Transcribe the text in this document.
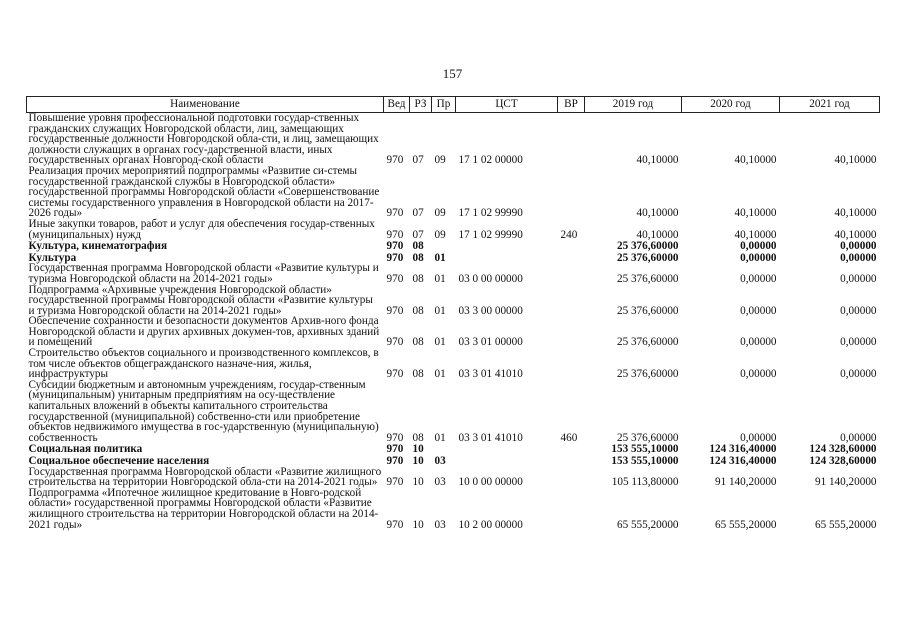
157
Наименование	Вед	РЗ	Пр	ЦСТ	ВР	2019 год	2020 год	2021 год
Повышение уровня профессиональной подготовки государ-ственных гражданских служащих Новгородской области, лиц, замещающих государственные должности Новгородской обла-сти, и лиц, замещающих должности служащих в органах госу-дарственной власти, иных государственных органах Новгород-ской области	970	07	09	17 1 02 00000		40,10000	40,10000	40,10000
Реализация прочих мероприятий подпрограммы «Развитие си-стемы государственной гражданской службы в Новгородской области» государственной программы Новгородской области «Совершенствование системы государственного управления в Новгородской области на 2017-2026 годы»	970	07	09	17 1 02 99990		40,10000	40,10000	40,10000
Иные закупки товаров, работ и услуг для обеспечения государ-ственных (муниципальных) нужд	970	07	09	17 1 02 99990	240	40,10000	40,10000	40,10000
Культура, кинематография	970	08				25 376,60000	0,00000	0,00000
Культура	970	08	01			25 376,60000	0,00000	0,00000
Государственная программа Новгородской области «Развитие культуры и туризма Новгородской области на 2014-2021 годы»	970	08	01	03 0 00 00000		25 376,60000	0,00000	0,00000
Подпрограмма «Архивные учреждения Новгородской области» государственной программы Новгородской области «Развитие культуры и туризма Новгородской области на 2014-2021 годы»	970	08	01	03 3 00 00000		25 376,60000	0,00000	0,00000
Обеспечение сохранности и безопасности документов Архив-ного фонда Новгородской области и других архивных докумен-тов, архивных зданий и помещений	970	08	01	03 3 01 00000		25 376,60000	0,00000	0,00000
Строительство объектов социального и производственного комплексов, в том числе объектов общегражданского назначе-ния, жилья, инфраструктуры	970	08	01	03 3 01 41010		25 376,60000	0,00000	0,00000
Субсидии бюджетным и автономным учреждениям, государ-ственным (муниципальным) унитарным предприятиям на осу-ществление капитальных вложений в объекты капитального строительства государственной (муниципальной) собственно-сти или приобретение объектов недвижимого имущества в гос-ударственную (муниципальную) собственность	970	08	01	03 3 01 41010	460	25 376,60000	0,00000	0,00000
Социальная политика	970	10				153 555,10000	124 316,40000	124 328,60000
Социальное обеспечение населения	970	10	03			153 555,10000	124 316,40000	124 328,60000
Государственная программа Новгородской области «Развитие жилищного строительства на территории Новгородской обла-сти на 2014-2021 годы»	970	10	03	10 0 00 00000		105 113,80000	91 140,20000	91 140,20000
Подпрограмма «Ипотечное жилищное кредитование в Новго-родской области» государственной программы Новгородской области «Развитие жилищного строительства на территории Новгородской области на 2014-2021 годы»	970	10	03	10 2 00 00000		65 555,20000	65 555,20000	65 555,20000
